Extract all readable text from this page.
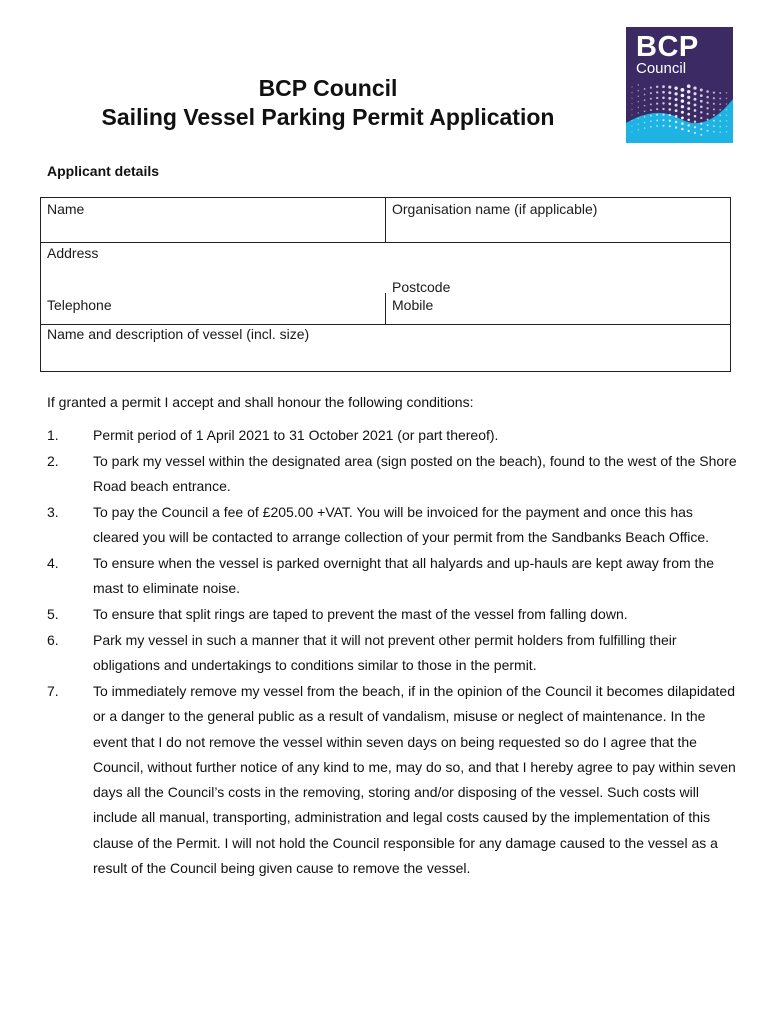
BCP Council
Sailing Vessel Parking Permit Application
BCP
Council
Applicant details
Name	Organisation name (if applicable)
Address
Postcode
Telephone	Mobile
Name and description of vessel (incl. size)
If granted a permit I accept and shall honour the following conditions:
1. Permit period of 1 April 2021 to 31 October 2021 (or part thereof).
2. To park my vessel within the designated area (sign posted on the beach), found to the west of the Shore Road beach entrance.
3. To pay the Council a fee of £205.00 +VAT. You will be invoiced for the payment and once this has cleared you will be contacted to arrange collection of your permit from the Sandbanks Beach Office.
4. To ensure when the vessel is parked overnight that all halyards and up-hauls are kept away from the mast to eliminate noise.
5. To ensure that split rings are taped to prevent the mast of the vessel from falling down.
6. Park my vessel in such a manner that it will not prevent other permit holders from fulfilling their obligations and undertakings to conditions similar to those in the permit.
7. To immediately remove my vessel from the beach, if in the opinion of the Council it becomes dilapidated or a danger to the general public as a result of vandalism, misuse or neglect of maintenance. In the event that I do not remove the vessel within seven days on being requested so do I agree that the Council, without further notice of any kind to me, may do so, and that I hereby agree to pay within seven days all the Council’s costs in the removing, storing and/or disposing of the vessel. Such costs will include all manual, transporting, administration and legal costs caused by the implementation of this clause of the Permit. I will not hold the Council responsible for any damage caused to the vessel as a result of the Council being given cause to remove the vessel.
